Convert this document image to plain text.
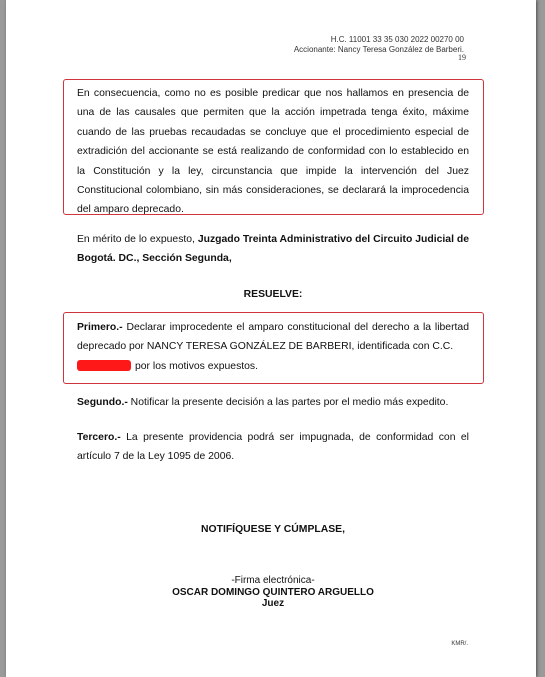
H.C. 11001 33 35 030 2022 00270 00
Accionante: Nancy Teresa González de Barberi.
19
En consecuencia, como no es posible predicar que nos hallamos en presencia de una de las causales que permiten que la acción impetrada tenga éxito, máxime cuando de las pruebas recaudadas se concluye que el procedimiento especial de extradición del accionante se está realizando de conformidad con lo establecido en la Constitución y la ley, circunstancia que impide la intervención del Juez Constitucional colombiano, sin más consideraciones, se declarará la improcedencia del amparo deprecado.
En mérito de lo expuesto, Juzgado Treinta Administrativo del Circuito Judicial de Bogotá. DC., Sección Segunda,
RESUELVE:
Primero.- Declarar improcedente el amparo constitucional del derecho a la libertad deprecado por NANCY TERESA GONZÁLEZ DE BARBERI, identificada con C.C.
por los motivos expuestos.
Segundo.- Notificar la presente decisión a las partes por el medio más expedito.
Tercero.- La presente providencia podrá ser impugnada, de conformidad con el artículo 7 de la Ley 1095 de 2006.
NOTIFÍQUESE Y CÚMPLASE,
-Firma electrónica-
OSCAR DOMINGO QUINTERO ARGUELLO
Juez
KMR/.
